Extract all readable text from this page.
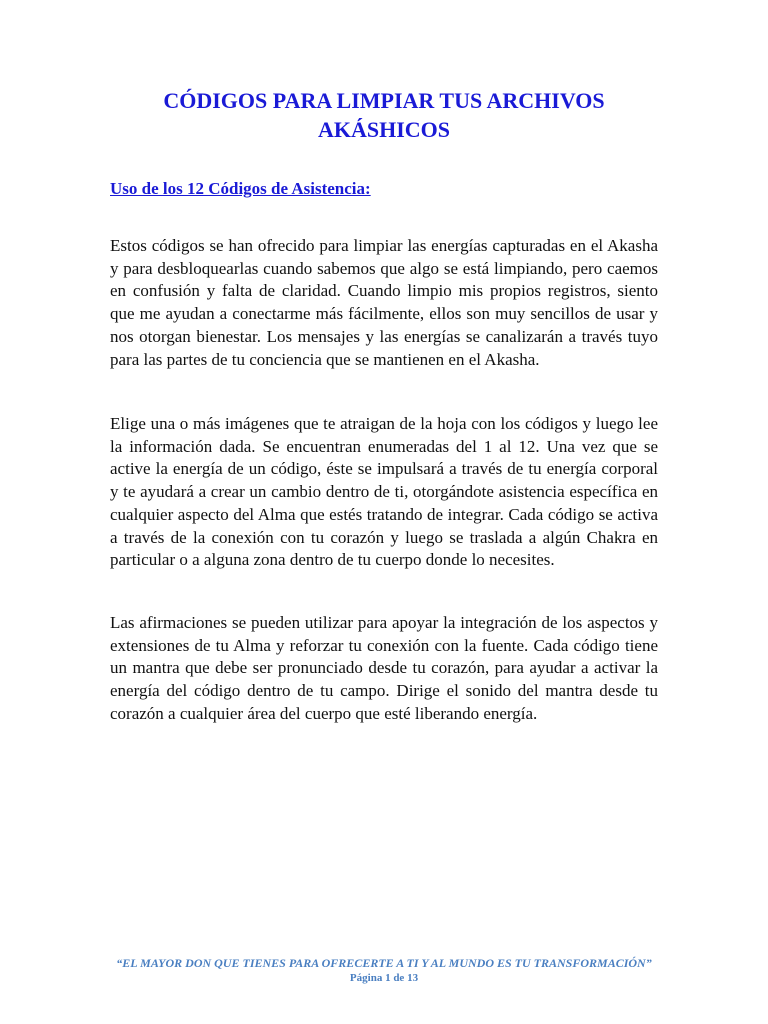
CÓDIGOS PARA LIMPIAR TUS ARCHIVOS AKÁSHICOS
Uso de los 12 Códigos de Asistencia:

Estos códigos se han ofrecido para limpiar las energías capturadas en el Akasha y para desbloquearlas cuando sabemos que algo se está limpiando, pero caemos en confusión y falta de claridad. Cuando limpio mis propios registros, siento que me ayudan a conectarme más fácilmente, ellos son muy sencillos de usar y nos otorgan bienestar. Los mensajes y las energías se canalizarán a través tuyo para las partes de tu conciencia que se mantienen en el Akasha.

Elige una o más imágenes que te atraigan de la hoja con los códigos y luego lee la información dada. Se encuentran enumeradas del 1 al 12. Una vez que se active la energía de un código, éste se impulsará a través de tu energía corporal y te ayudará a crear un cambio dentro de ti, otorgándote asistencia específica en cualquier aspecto del Alma que estés tratando de integrar. Cada código se activa a través de la conexión con tu corazón y luego se traslada a algún Chakra en particular o a alguna zona dentro de tu cuerpo donde lo necesites.

Las afirmaciones se pueden utilizar para apoyar la integración de los aspectos y extensiones de tu Alma y reforzar tu conexión con la fuente. Cada código tiene un mantra que debe ser pronunciado desde tu corazón, para ayudar a activar la energía del código dentro de tu campo. Dirige el sonido del mantra desde tu corazón a cualquier área del cuerpo que esté liberando energía.

“EL MAYOR DON QUE TIENES PARA OFRECERTE A TI Y AL MUNDO ES TU TRANSFORMACIÓN”

Página 1 de 13
